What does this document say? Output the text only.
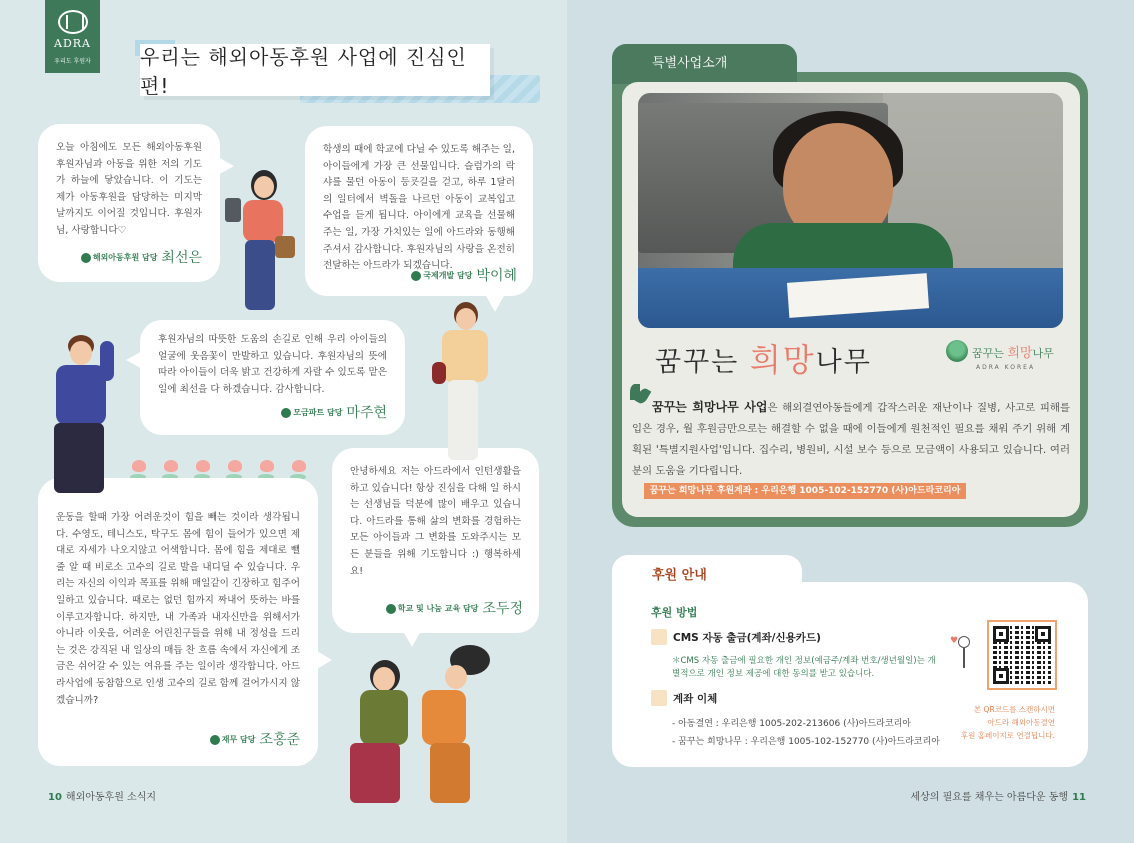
ADRA
우리도 후원자	우리는 해외아동후원 사업에 진심인편!

오늘 아침에도 모든 해외아동후원 후원자님과 아동을 위한 저의 기도가 하늘에 닿았습니다. 이 기도는 제가 아동후원을 담당하는 미지막 날까지도 이어질 것입니다. 후원자님, 사랑합니다♡

해외아동후원 담당 최선은

학생의 때에 학교에 다닐 수 있도록 해주는 일, 아이들에게 가장 큰 선물입니다. 슬럼가의 락샤를 물던 아동이 등굣길을 걷고, 하루 1달러의 일터에서 벽돌을 나르던 아동이 교복입고 수업을 듣게 됩니다. 아이에게 교육을 선물해주는 일, 가장 가치있는 일에 아드라와 동행해주셔서 감사합니다. 후원자님의 사랑을 온전히 전달하는 아드라가 되겠습니다.

국제개발 담당 박이헤

후원자님의 따뜻한 도움의 손길로 인해 우리 아이들의 얼굴에 웃음꽃이 만발하고 있습니다. 후원자님의 뜻에 따라 아이들이 더욱 밝고 건강하게 자랄 수 있도록 맡은 일에 최선을 다 하겠습니다. 감사합니다.

모금파트 담당 마주현

안녕하세요 저는 아드라에서 인턴생활을 하고 있습니다! 항상 진심을 다해 일 하시는 선생님들 덕분에 많이 배우고 있습니다. 아드라를 통해 삶의 변화를 경험하는 모든 아이들과 그 변화를 도와주시는 모든 분들을 위해 기도합니다 :) 행복하세요!

학교 및 나눔 교육 담당 조두정

운동을 할때 가장 어려운것이 힘을 빼는 것이라 생각됩니다. 수영도, 테니스도, 탁구도 몸에 힘이 들어가 있으면 제대로 자세가 나오지않고 어색합니다. 몸에 힘을 제대로 뺄줄 알 때 비로소 고수의 길로 발을 내디딜 수 있습니다. 우리는 자신의 이익과 목표를 위해 매일같이 긴장하고 힘주어 일하고 있습니다. 때로는 없던 힘까지 짜내어 뜻하는 바를 이루고자합니다. 하지만, 내 가족과 내자신만을 위해서가 아니라 이웃을, 어려운 어린친구들을 위해 내 정성을 드리는 것은 강직된 내 일상의 매듭 찬 흐름 속에서 자신에게 조금은 쉬어갈 수 있는 여유를 주는 일이라 생각합니다. 아드라사업에 동참함으로 인생 고수의 길로 함께 걸어가시지 않겠습니까?

재무 담당 조홍준
10 해외아동후원 소식지	세상의 필요를 채우는 아름다운 동행 11
특별사업소개
꿈꾸는 희망나무	꿈꾸는 희망나무
ADRA KOREA
꿈꾸는 희망나무 사업은 해외결연아동들에게 갑작스러운 재난이나 질병, 사고로 피해를 입은 경우, 월 후원금만으로는 해결할 수 없을 때에 이들에게 원천적인 필요를 채워 주기 위해 계획된 '특별지원사업'입니다. 집수리, 병원비, 시설 보수 등으로 모금액이 사용되고 있습니다. 여러분의 도움을 기다립니다.
꿈꾸는 희망나무 후원계좌 : 우리은행 1005-102-152770 (사)아드라코리아
후원 안내
후원 방법
CMS 자동 출금(계좌/신용카드)
＊CMS 자동 출금에 필요한 개인 정보(예금주/계좌 번호/생년월일)는 개별적으로 개인 정보 제공에 대한 동의를 받고 있습니다.
계좌 이체
- 아동결연 : 우리은행 1005-202-213606 (사)아드라코리아
- 꿈꾸는 희망나무 : 우리은행 1005-102-152770 (사)아드라코리아
♥
본 QR코드를 스캔하시면
아드라 해외아동결연
후원 홈페이지로 연결됩니다.
